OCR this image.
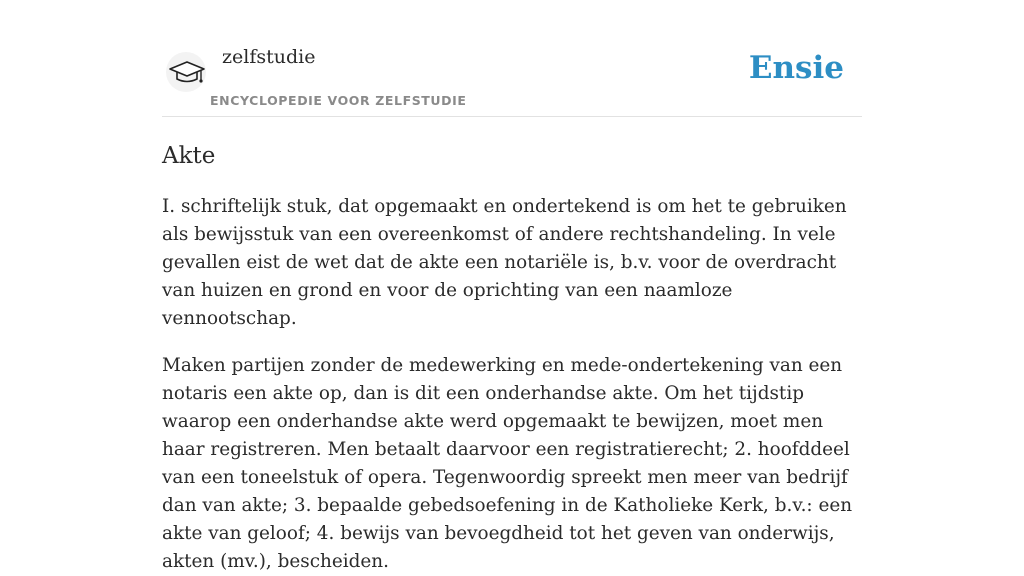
zelfstudie
ENCYCLOPEDIE VOOR ZELFSTUDIE
Ensie
Akte

I. schriftelijk stuk, dat opgemaakt en ondertekend is om het te gebruiken als bewijsstuk van een overeenkomst of andere rechtshandeling. In vele gevallen eist de wet dat de akte een notariële is, b.v. voor de overdracht van huizen en grond en voor de oprichting van een naamloze vennootschap.

Maken partijen zonder de medewerking en mede-ondertekening van een notaris een akte op, dan is dit een onderhandse akte. Om het tijdstip waarop een onderhandse akte werd opgemaakt te bewijzen, moet men haar registreren. Men betaalt daarvoor een registratierecht; 2. hoofddeel van een toneelstuk of opera. Tegenwoordig spreekt men meer van bedrijf dan van akte; 3. bepaalde gebedsoefening in de Katholieke Kerk, b.v.: een akte van geloof; 4. bewijs van bevoegdheid tot het geven van onderwijs, akten (mv.), bescheiden.
